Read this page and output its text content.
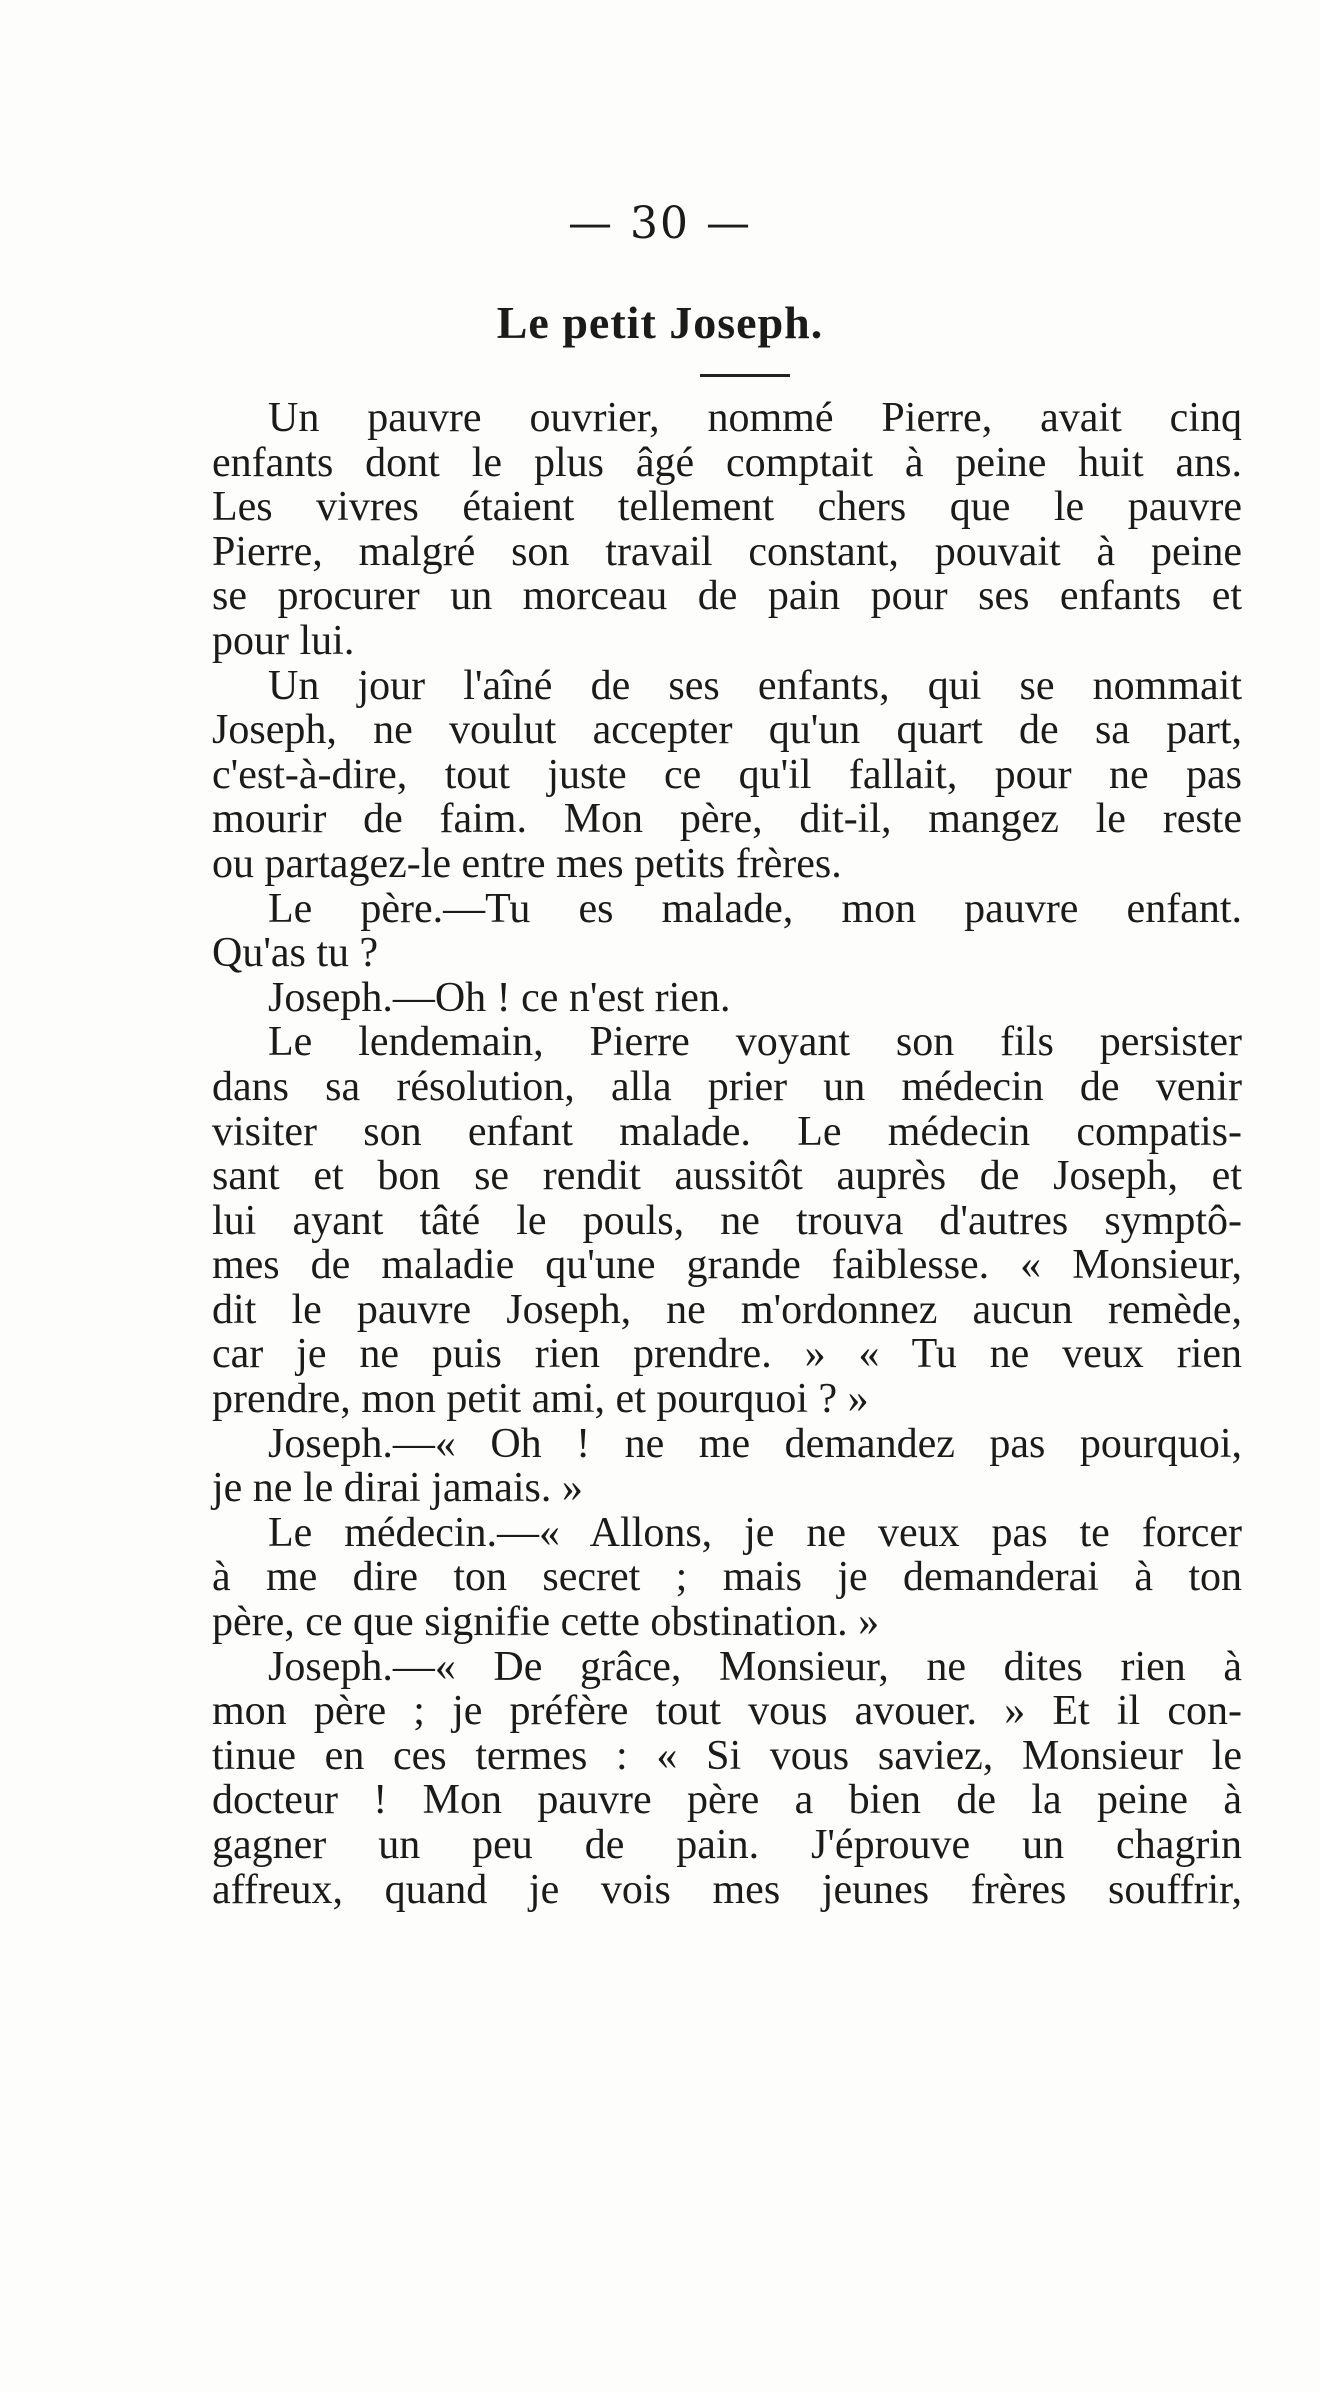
— 30 —
Le petit Joseph.
Un pauvre ouvrier, nommé Pierre, avait cinq
enfants dont le plus âgé comptait à peine huit ans.
Les vivres étaient tellement chers que le pauvre
Pierre, malgré son travail constant, pouvait à peine
se procurer un morceau de pain pour ses enfants et
pour lui.
Un jour l'aîné de ses enfants, qui se nommait
Joseph, ne voulut accepter qu'un quart de sa part,
c'est-à-dire, tout juste ce qu'il fallait, pour ne pas
mourir de faim. Mon père, dit-il, mangez le reste
ou partagez-le entre mes petits frères.
Le père.—Tu es malade, mon pauvre enfant.
Qu'as tu ?
Joseph.—Oh ! ce n'est rien.
Le lendemain, Pierre voyant son fils persister
dans sa résolution, alla prier un médecin de venir
visiter son enfant malade. Le médecin compatis-
sant et bon se rendit aussitôt auprès de Joseph, et
lui ayant tâté le pouls, ne trouva d'autres symptô-
mes de maladie qu'une grande faiblesse. « Monsieur,
dit le pauvre Joseph, ne m'ordonnez aucun remède,
car je ne puis rien prendre. » « Tu ne veux rien
prendre, mon petit ami, et pourquoi ? »
Joseph.—« Oh ! ne me demandez pas pourquoi,
je ne le dirai jamais. »
Le médecin.—« Allons, je ne veux pas te forcer
à me dire ton secret ; mais je demanderai à ton
père, ce que signifie cette obstination. »
Joseph.—« De grâce, Monsieur, ne dites rien à
mon père ; je préfère tout vous avouer. » Et il con-
tinue en ces termes : « Si vous saviez, Monsieur le
docteur ! Mon pauvre père a bien de la peine à
gagner un peu de pain. J'éprouve un chagrin
affreux, quand je vois mes jeunes frères souffrir,
